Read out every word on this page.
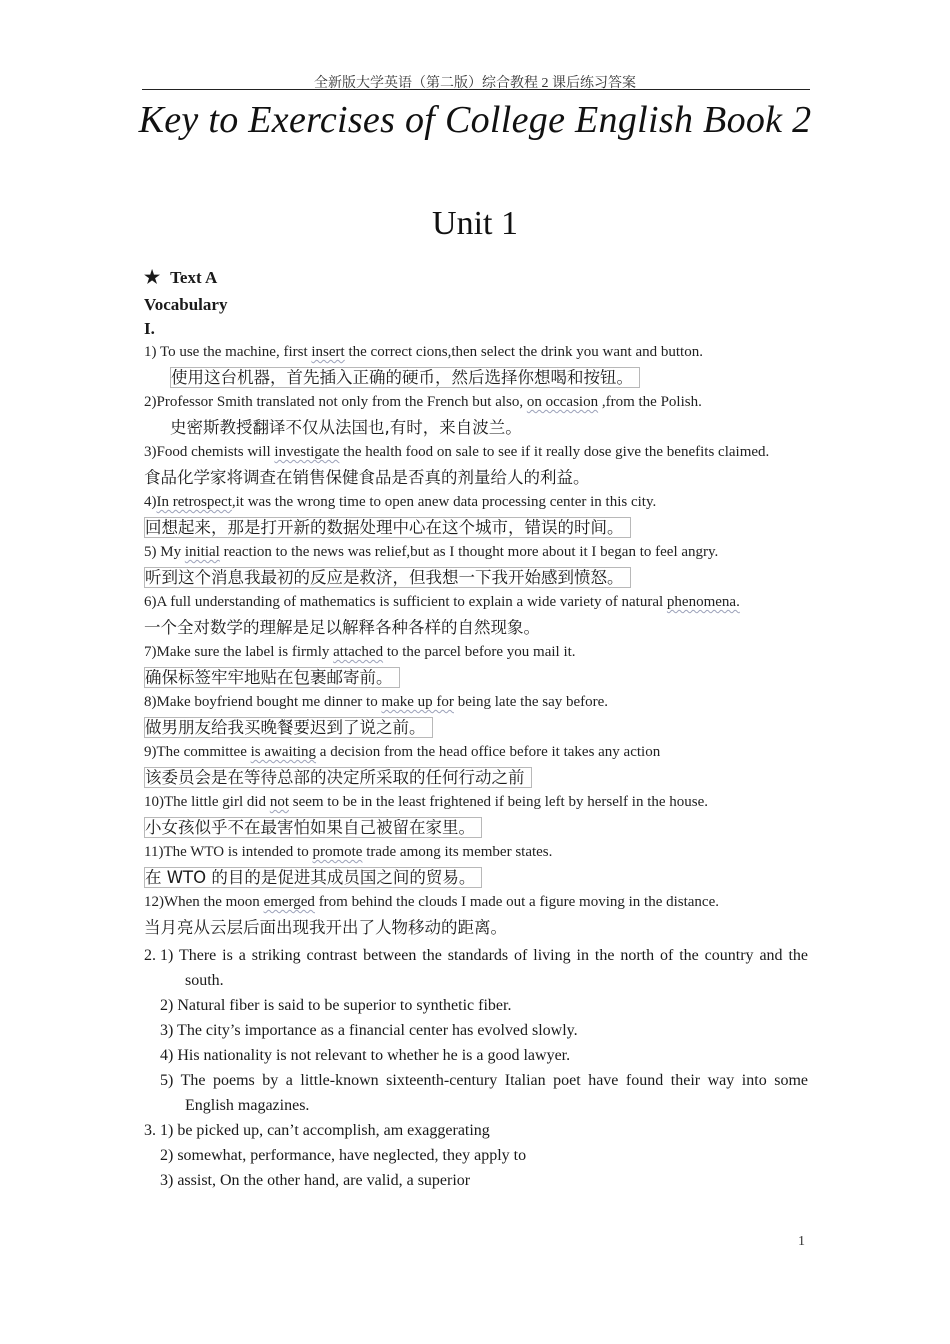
全新版大学英语（第二版）综合教程 2 课后练习答案
Key to Exercises of College English Book 2
Unit 1
★ Text A
Vocabulary
I.
1) To use the machine, first insert the correct cions,then select the drink you want and button.
使用这台机器，首先插入正确的硬币，然后选择你想喝和按钮。
2)Professor Smith translated not only from the French but also, on occasion ,from the Polish.
史密斯教授翻译不仅从法国也,有时，来自波兰。
3)Food chemists will investigate the health food on sale to see if it really dose give the benefits claimed.
食品化学家将调查在销售保健食品是否真的剂量给人的利益。
4)In retrospect,it was the wrong time to open anew data processing center in this city.
回想起来，那是打开新的数据处理中心在这个城市，错误的时间。
5) My initial reaction to the news was relief,but as I thought more about it I began to feel angry.
听到这个消息我最初的反应是救济，但我想一下我开始感到愤怒。
6)A full understanding of mathematics is sufficient to explain a wide variety of natural phenomena.
一个全对数学的理解是足以解释各种各样的自然现象。
7)Make sure the label is firmly attached to the parcel before you mail it.
确保标签牢牢地贴在包裹邮寄前。
8)Make boyfriend bought me dinner to make up for being late the say before.
做男朋友给我买晚餐要迟到了说之前。
9)The committee is awaiting a decision from the head office before it takes any action
该委员会是在等待总部的决定所采取的任何行动之前
10)The little girl did not seem to be in the least frightened if being left by herself in the house.
小女孩似乎不在最害怕如果自己被留在家里。
11)The WTO is intended to promote trade among its member states.
在 WTO 的目的是促进其成员国之间的贸易。
12)When the moon emerged from behind the clouds I made out a figure moving in the distance.
当月亮从云层后面出现我开出了人物移动的距离。
2. 1) There is a striking contrast between the standards of living in the north of the country and the south.
2) Natural fiber is said to be superior to synthetic fiber.
3) The city’s importance as a financial center has evolved slowly.
4) His nationality is not relevant to whether he is a good lawyer.
5) The poems by a little-known sixteenth-century Italian poet have found their way into some English magazines.
3. 1) be picked up, can’t accomplish, am exaggerating
2) somewhat, performance, have neglected, they apply to
3) assist, On the other hand, are valid, a superior
1
